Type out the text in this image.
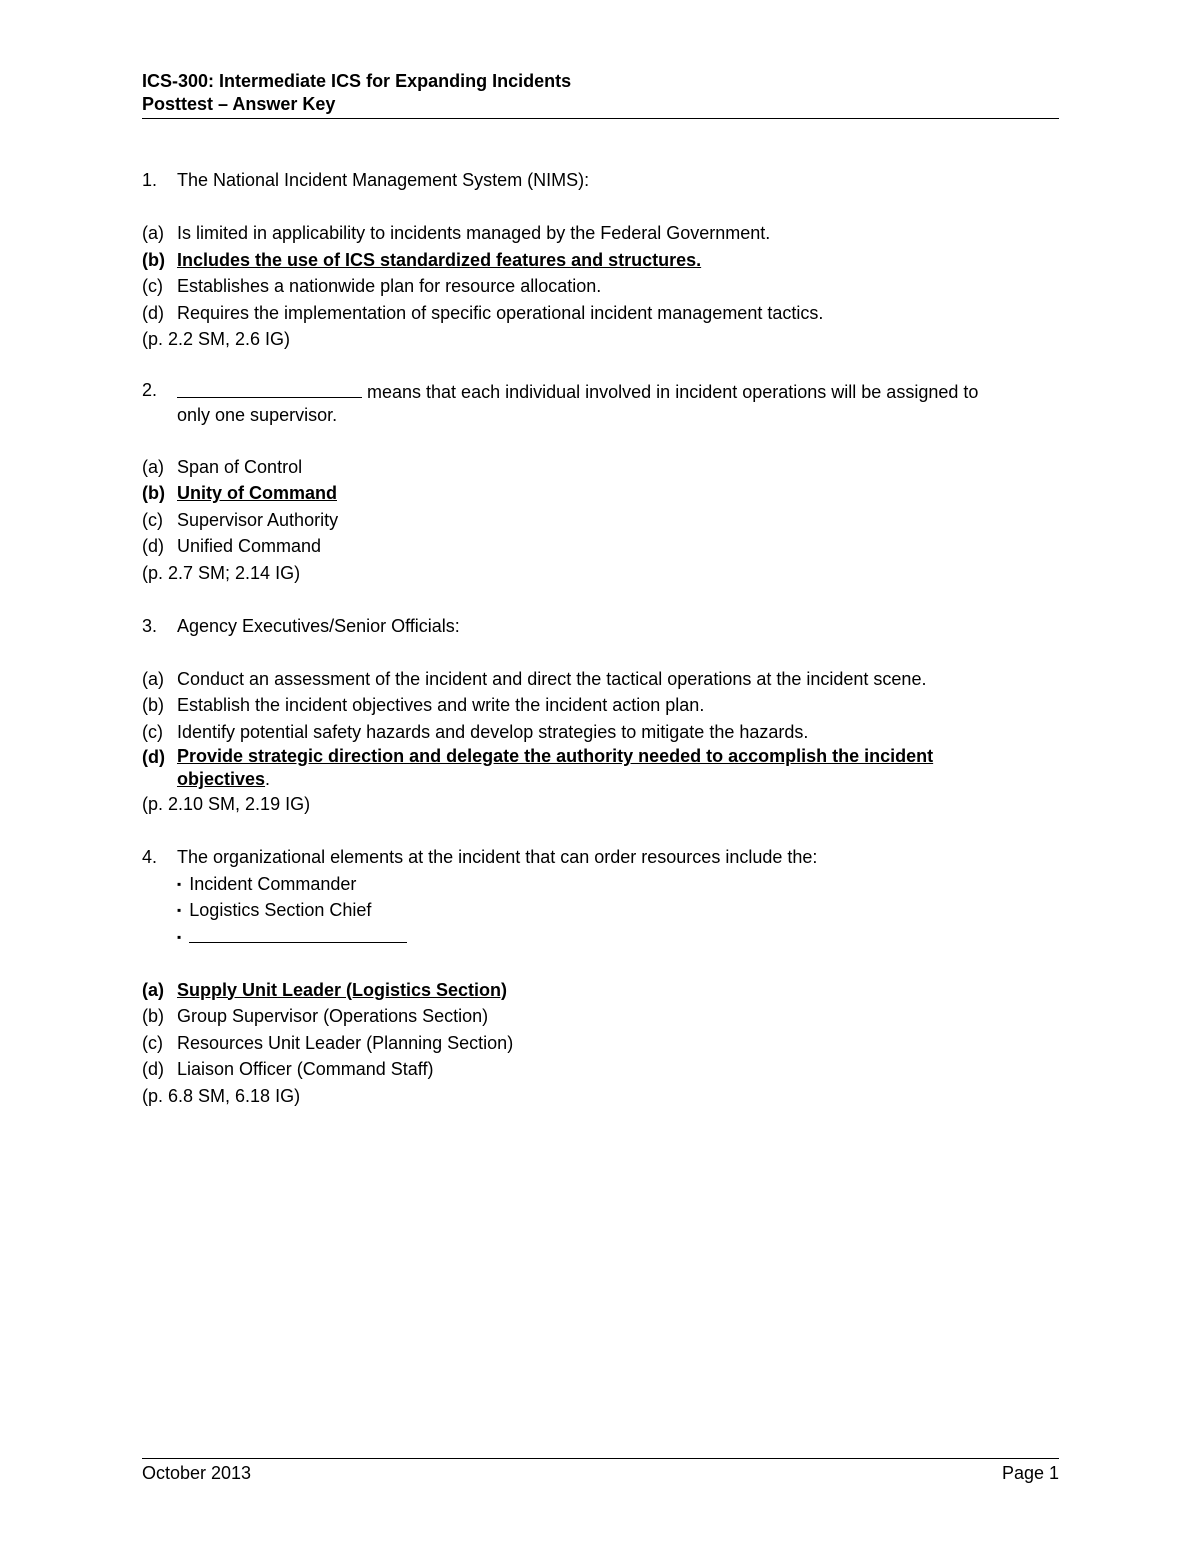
ICS-300: Intermediate ICS for Expanding Incidents
Posttest – Answer Key
1. The National Incident Management System (NIMS):
(a) Is limited in applicability to incidents managed by the Federal Government.
(b) Includes the use of ICS standardized features and structures.
(c) Establishes a nationwide plan for resource allocation.
(d) Requires the implementation of specific operational incident management tactics.
(p. 2.2 SM, 2.6 IG)
2.	means that each individual involved in incident operations will be assigned to
only one supervisor.
(a) Span of Control
(b) Unity of Command
(c) Supervisor Authority
(d) Unified Command
(p. 2.7 SM; 2.14 IG)
3. Agency Executives/Senior Officials:
(a) Conduct an assessment of the incident and direct the tactical operations at the incident scene.
(b) Establish the incident objectives and write the incident action plan.
(c) Identify potential safety hazards and develop strategies to mitigate the hazards.
(d) Provide strategic direction and delegate the authority needed to accomplish the incident
objectives.
(p. 2.10 SM, 2.19 IG)
4. The organizational elements at the incident that can order resources include the:
▪ Incident Commander
▪ Logistics Section Chief
▪
(a) Supply Unit Leader (Logistics Section)
(b) Group Supervisor (Operations Section)
(c) Resources Unit Leader (Planning Section)
(d) Liaison Officer (Command Staff)
(p. 6.8 SM, 6.18 IG)
October 2013	Page 1
